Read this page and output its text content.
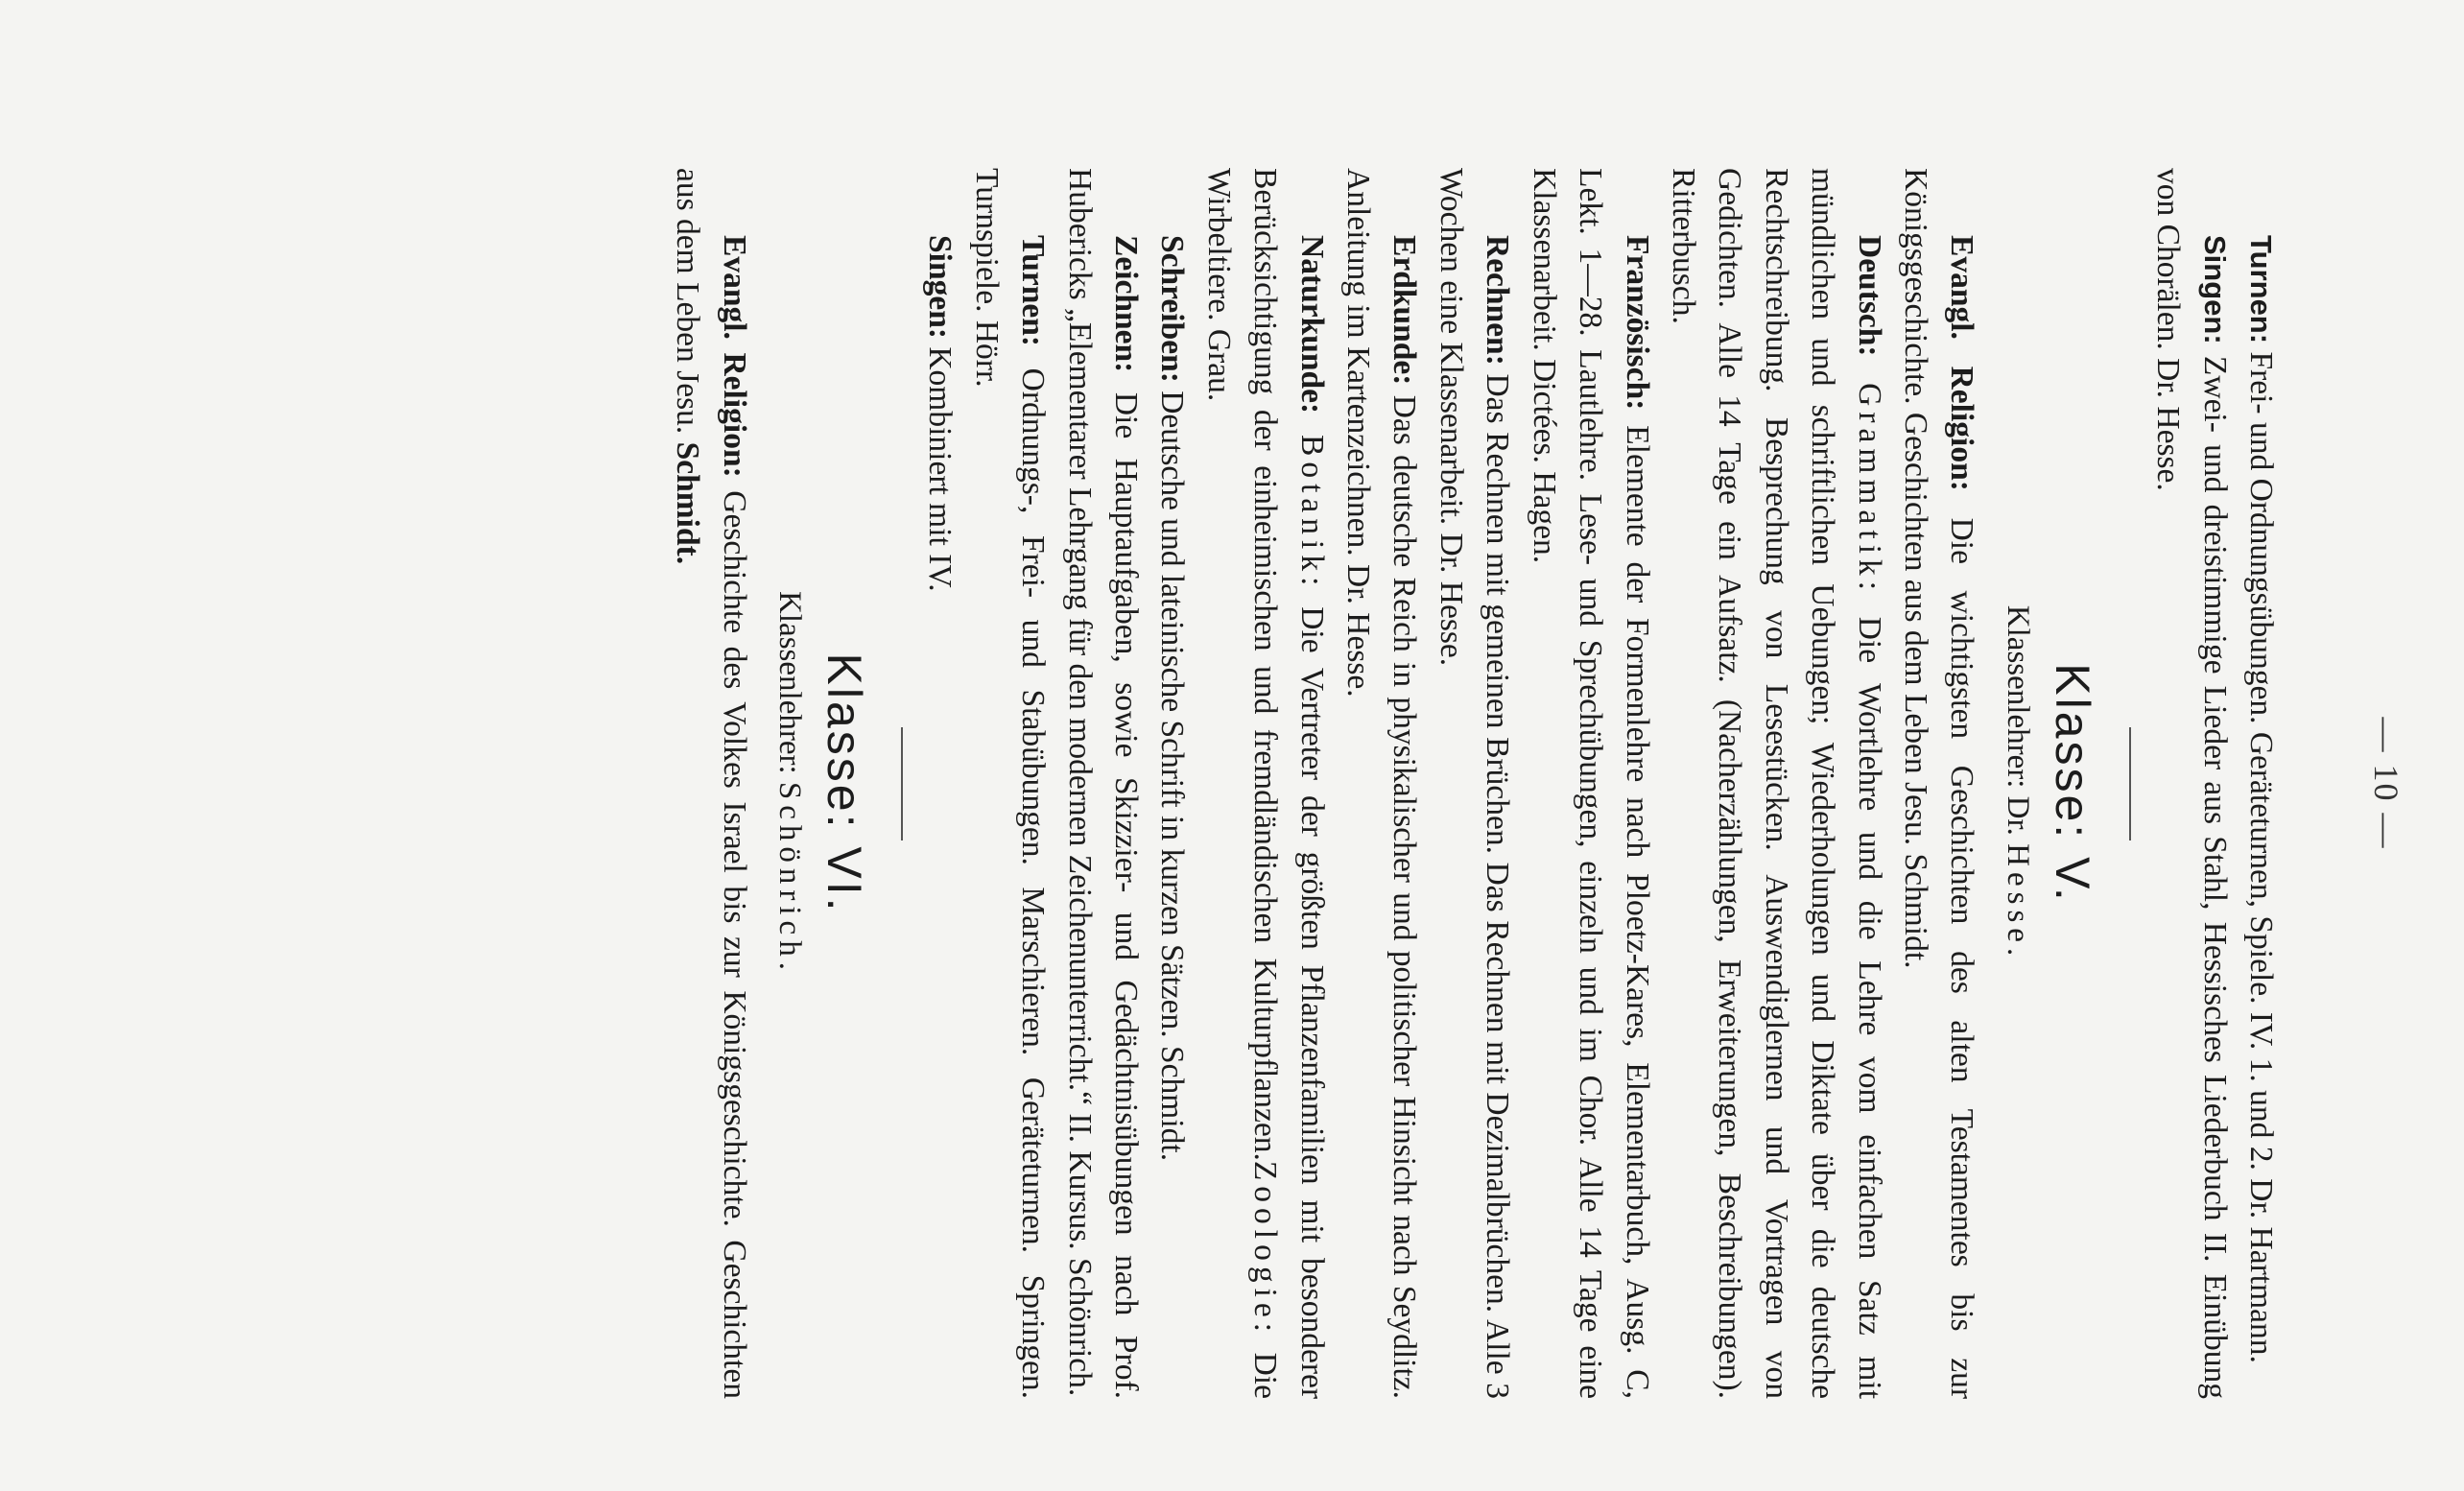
— 10 —

Turnen: Frei- und Ordnungsübungen. Geräteturnen, Spiele. IV. 1. und 2. Dr. Hartmann.

Singen: Zwei- und dreistimmige Lieder aus Stahl, Hessisches Liederbuch II. Einübung von Chorälen. Dr. Hesse.

Klasse: V.

Klassenlehrer: Dr. Hesse.

Evangl. Religion: Die wichtigsten Geschichten des alten Testamentes bis zur Königsgeschichte. Geschichten aus dem Leben Jesu. Schmidt.

Deutsch: Grammatik: Die Wortlehre und die Lehre vom einfachen Satz mit mündlichen und schriftlichen Uebungen; Wiederholungen und Diktate über die deutsche Rechtschreibung. Besprechung von Lesestücken. Auswendiglernen und Vortragen von Gedichten. Alle 14 Tage ein Aufsatz. (Nacherzählungen, Erweiterungen, Beschreibungen). Ritterbusch.

Französisch: Elemente der Formenlehre nach Ploetz-Kares, Elementarbuch, Ausg. C, Lekt. 1—28. Lautlehre. Lese- und Sprechübungen, einzeln und im Chor. Alle 14 Tage eine Klassenarbeit. Dictées. Hagen.

Rechnen: Das Rechnen mit gemeinen Brüchen. Das Rechnen mit Dezimalbrüchen. Alle 3 Wochen eine Klassenarbeit. Dr. Hesse.

Erdkunde: Das deutsche Reich in physikalischer und politischer Hinsicht nach Seydlitz. Anleitung im Kartenzeichnen. Dr. Hesse.

Naturkunde: Botanik: Die Vertreter der größten Pflanzenfamilien mit besonderer Berücksichtigung der einheimischen und fremdländischen Kulturpflanzen.Zoologie: Die Wirbeltiere. Grau.

Schreiben: Deutsche und lateinische Schrift in kurzen Sätzen. Schmidt.

Zeichnen: Die Hauptaufgaben, sowie Skizzier- und Gedächtnisübungen nach Prof. Hubericks „Elementarer Lehrgang für den modernen Zeichenunterricht.“ II. Kursus. Schönrich.

Turnen: Ordnungs-, Frei- und Stabübungen. Marschieren. Geräteturnen. Springen. Turnspiele. Hörr.

Singen: Kombiniert mit IV.

Klasse: VI.

Klassenlehrer: Schönrich.

Evangl. Religion: Geschichte des Volkes Israel bis zur Königsgeschichte. Geschichten aus dem Leben Jesu. Schmidt.
